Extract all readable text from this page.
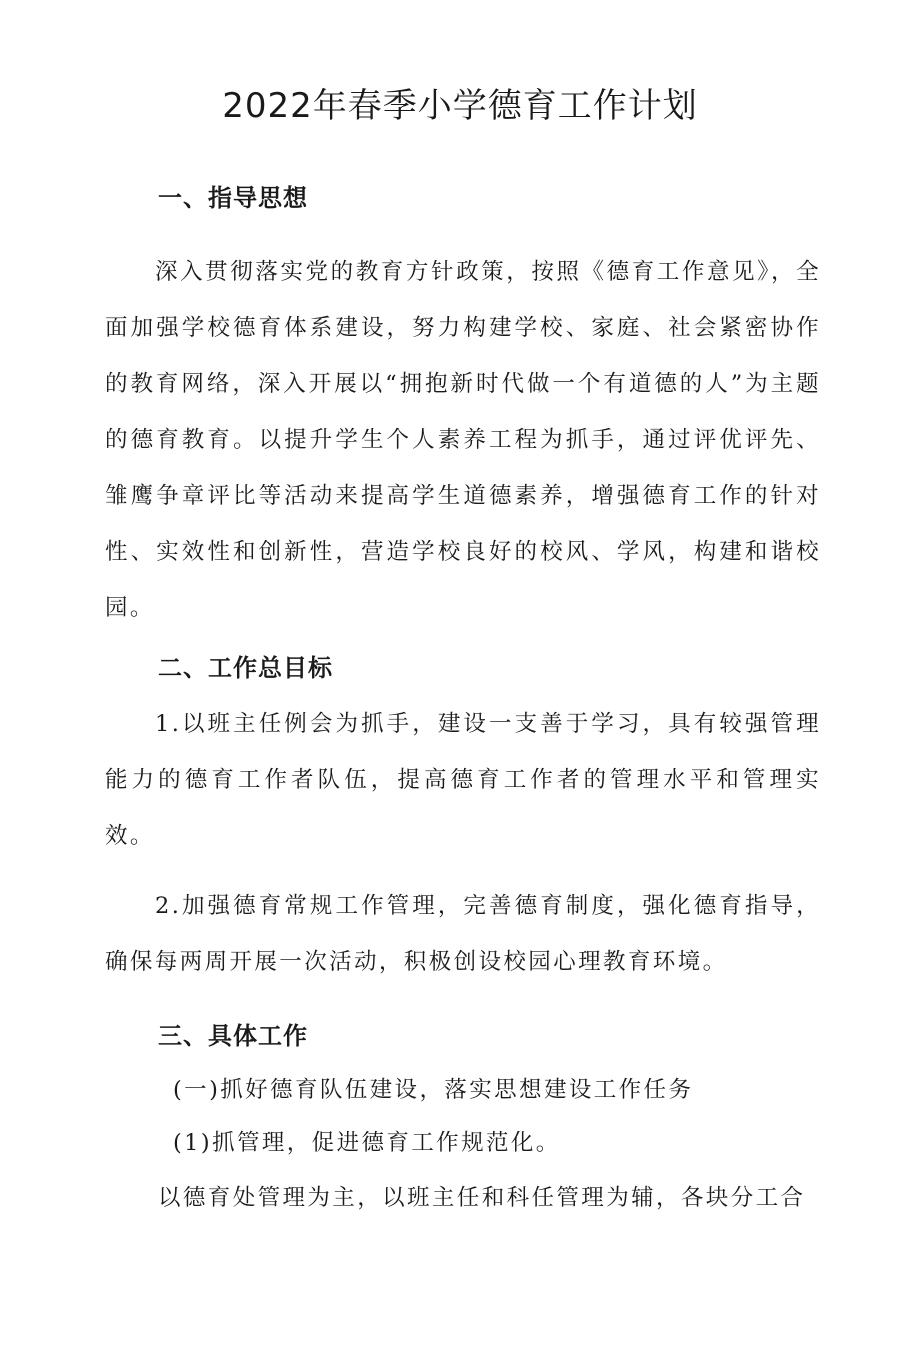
2022年春季小学德育工作计划
一、指导思想

深入贯彻落实党的教育方针政策，按照《德育工作意见》，全面加强学校德育体系建设，努力构建学校、家庭、社会紧密协作的教育网络，深入开展以“拥抱新时代做一个有道德的人”为主题的德育教育。以提升学生个人素养工程为抓手，通过评优评先、雏鹰争章评比等活动来提高学生道德素养，增强德育工作的针对性、实效性和创新性，营造学校良好的校风、学风，构建和谐校园。

二、工作总目标

1.以班主任例会为抓手，建设一支善于学习，具有较强管理能力的德育工作者队伍，提高德育工作者的管理水平和管理实效。

2.加强德育常规工作管理，完善德育制度，强化德育指导，确保每两周开展一次活动，积极创设校园心理教育环境。

三、具体工作

(一)抓好德育队伍建设，落实思想建设工作任务

(1)抓管理，促进德育工作规范化。

以德育处管理为主，以班主任和科任管理为辅，各块分工合
